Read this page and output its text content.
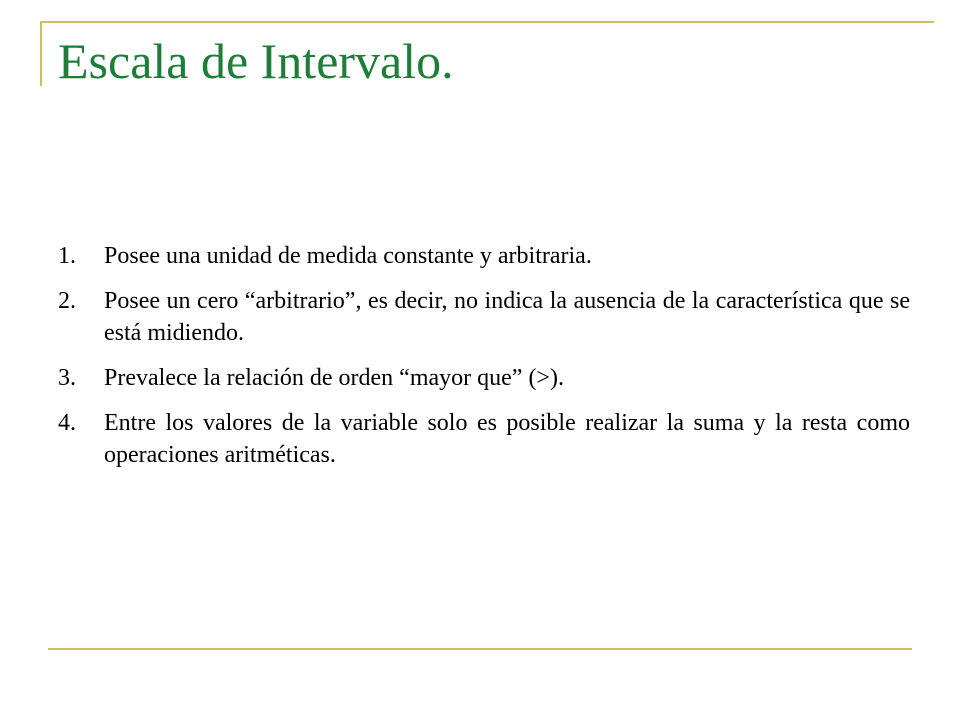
Escala de Intervalo.
1.	Posee una unidad de medida constante y arbitraria.
2.	Posee un cero “arbitrario”, es decir, no indica la ausencia de la característica que se está midiendo.
3.	Prevalece la relación de orden “mayor que” (>).
4.	Entre los valores de la variable solo es posible realizar la suma y la resta como operaciones aritméticas.
